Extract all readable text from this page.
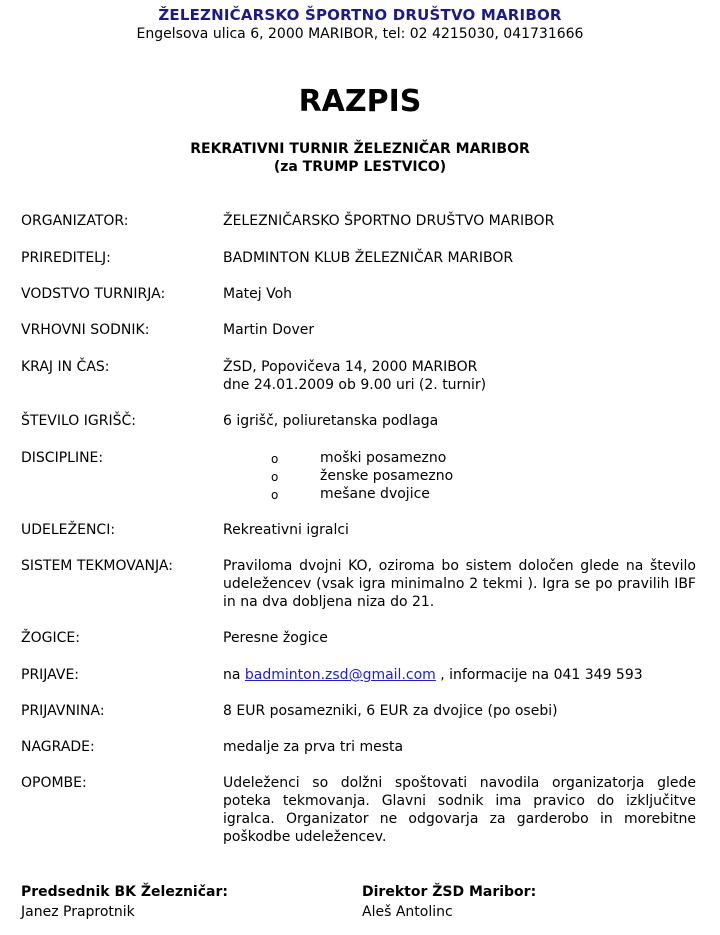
ŽELEZNIČARSKO ŠPORTNO DRUŠTVO MARIBOR
Engelsova ulica 6, 2000 MARIBOR, tel: 02 4215030, 041731666
RAZPIS
REKRATIVNI TURNIR ŽELEZNIČAR MARIBOR
(za TRUMP LESTVICO)
ORGANIZATOR:	ŽELEZNIČARSKO ŠPORTNO DRUŠTVO MARIBOR
PRIREDITELJ:	BADMINTON KLUB ŽELEZNIČAR MARIBOR
VODSTVO TURNIRJA:	Matej Voh
VRHOVNI SODNIK:	Martin Dover
KRAJ IN ČAS:	ŽSD, Popovičeva 14, 2000 MARIBOR
dne 24.01.2009 ob 9.00 uri (2. turnir)
ŠTEVILO IGRIŠČ:	6 igrišč, poliuretanska podlaga
DISCIPLINE:	o	moški posamezno
o	ženske posamezno
o	mešane dvojice
UDELEŽENCI:	Rekreativni igralci
SISTEM TEKMOVANJA:	Praviloma dvojni KO, oziroma bo sistem določen glede na število udeležencev (vsak igra minimalno 2 tekmi ). Igra se po pravilih IBF in na dva dobljena niza do 21.
ŽOGICE:	Peresne žogice
PRIJAVE:	na badminton.zsd@gmail.com , informacije na 041 349 593
PRIJAVNINA:	8 EUR posamezniki, 6 EUR za dvojice (po osebi)
NAGRADE:	medalje za prva tri mesta
OPOMBE:	Udeleženci so dolžni spoštovati navodila organizatorja glede poteka tekmovanja. Glavni sodnik ima pravico do izključitve igralca. Organizator ne odgovarja za garderobo in morebitne poškodbe udeležencev.
Predsednik BK Železničar:
Janez Praprotnik
Direktor ŽSD Maribor:
Aleš Antolinc
